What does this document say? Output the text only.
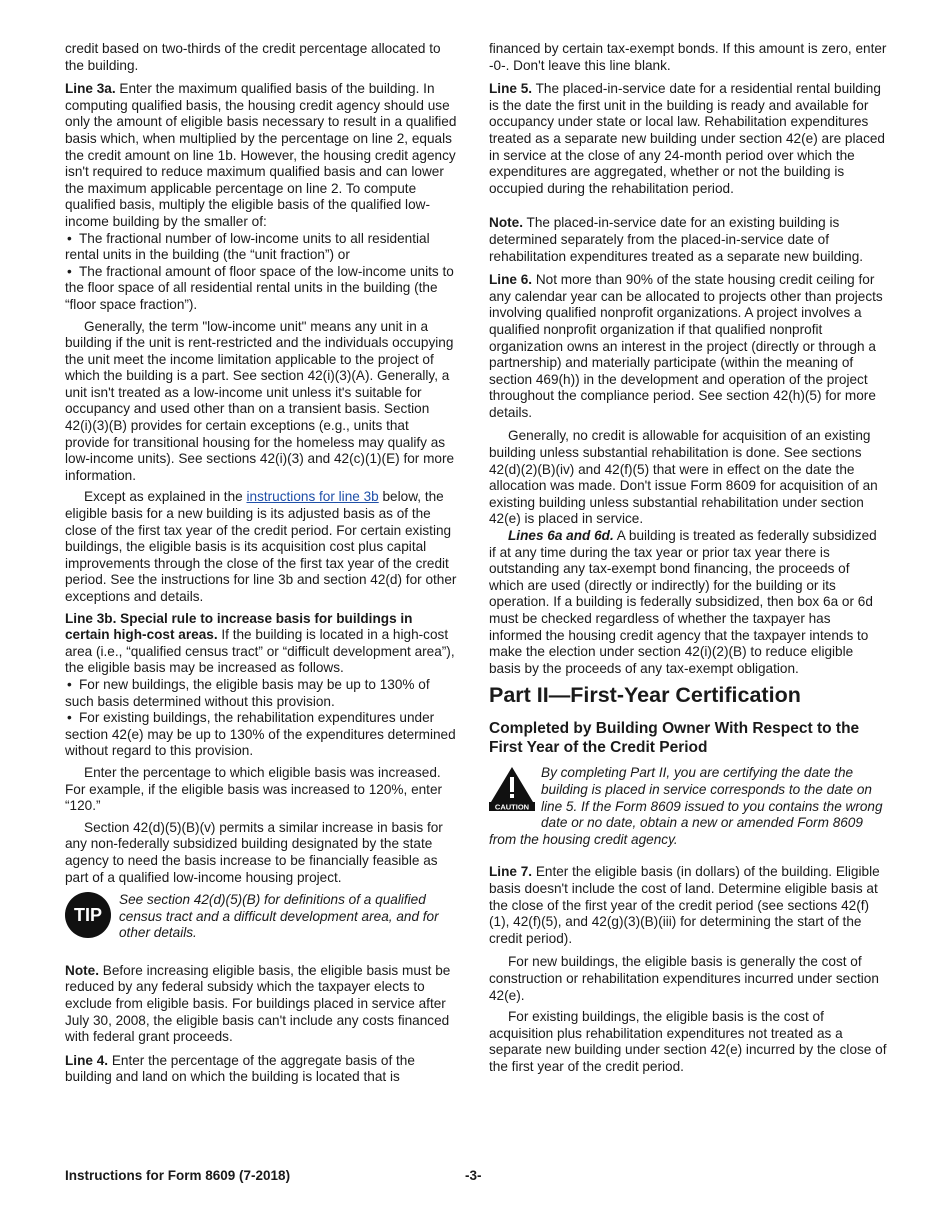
credit based on two-thirds of the credit percentage allocated to the building.

Line 3a. Enter the maximum qualified basis of the building. In computing qualified basis, the housing credit agency should use only the amount of eligible basis necessary to result in a qualified basis which, when multiplied by the percentage on line 2, equals the credit amount on line 1b. However, the housing credit agency isn't required to reduce maximum qualified basis and can lower the maximum applicable percentage on line 2. To compute qualified basis, multiply the eligible basis of the qualified low-income building by the smaller of:

• The fractional number of low-income units to all residential rental units in the building (the “unit fraction”) or
• The fractional amount of floor space of the low-income units to the floor space of all residential rental units in the building (the “floor space fraction”).

Generally, the term "low-income unit" means any unit in a building if the unit is rent-restricted and the individuals occupying the unit meet the income limitation applicable to the project of which the building is a part. See section 42(i)(3)(A). Generally, a unit isn't treated as a low-income unit unless it's suitable for occupancy and used other than on a transient basis. Section 42(i)(3)(B) provides for certain exceptions (e.g., units that provide for transitional housing for the homeless may qualify as low-income units). See sections 42(i)(3) and 42(c)(1)(E) for more information.

Except as explained in the instructions for line 3b below, the eligible basis for a new building is its adjusted basis as of the close of the first tax year of the credit period. For certain existing buildings, the eligible basis is its acquisition cost plus capital improvements through the close of the first tax year of the credit period. See the instructions for line 3b and section 42(d) for other exceptions and details.

Line 3b. Special rule to increase basis for buildings in certain high-cost areas. If the building is located in a high-cost area (i.e., “qualified census tract” or “difficult development area”), the eligible basis may be increased as follows.

• For new buildings, the eligible basis may be up to 130% of such basis determined without this provision.
• For existing buildings, the rehabilitation expenditures under section 42(e) may be up to 130% of the expenditures determined without regard to this provision.

Enter the percentage to which eligible basis was increased. For example, if the eligible basis was increased to 120%, enter “120.”

Section 42(d)(5)(B)(v) permits a similar increase in basis for any non-federally subsidized building designated by the state agency to need the basis increase to be financially feasible as part of a qualified low-income housing project.

TIP
See section 42(d)(5)(B) for definitions of a qualified census tract and a difficult development area, and for other details.

Note. Before increasing eligible basis, the eligible basis must be reduced by any federal subsidy which the taxpayer elects to exclude from eligible basis. For buildings placed in service after July 30, 2008, the eligible basis can't include any costs financed with federal grant proceeds.

Line 4. Enter the percentage of the aggregate basis of the building and land on which the building is located that is

financed by certain tax-exempt bonds. If this amount is zero, enter -0-. Don't leave this line blank.

Line 5. The placed-in-service date for a residential rental building is the date the first unit in the building is ready and available for occupancy under state or local law. Rehabilitation expenditures treated as a separate new building under section 42(e) are placed in service at the close of any 24-month period over which the expenditures are aggregated, whether or not the building is occupied during the rehabilitation period.

Note. The placed-in-service date for an existing building is determined separately from the placed-in-service date of rehabilitation expenditures treated as a separate new building.

Line 6. Not more than 90% of the state housing credit ceiling for any calendar year can be allocated to projects other than projects involving qualified nonprofit organizations. A project involves a qualified nonprofit organization if that qualified nonprofit organization owns an interest in the project (directly or through a partnership) and materially participate (within the meaning of section 469(h)) in the development and operation of the project throughout the compliance period. See section 42(h)(5) for more details.

Generally, no credit is allowable for acquisition of an existing building unless substantial rehabilitation is done. See sections 42(d)(2)(B)(iv) and 42(f)(5) that were in effect on the date the allocation was made. Don't issue Form 8609 for acquisition of an existing building unless substantial rehabilitation under section 42(e) is placed in service.

Lines 6a and 6d. A building is treated as federally subsidized if at any time during the tax year or prior tax year there is outstanding any tax-exempt bond financing, the proceeds of which are used (directly or indirectly) for the building or its operation. If a building is federally subsidized, then box 6a or 6d must be checked regardless of whether the taxpayer has informed the housing credit agency that the taxpayer intends to make the election under section 42(i)(2)(B) to reduce eligible basis by the proceeds of any tax-exempt obligation.

Part II—First-Year Certification
Completed by Building Owner With Respect to the First Year of the Credit Period
CAUTION
By completing Part II, you are certifying the date the building is placed in service corresponds to the date on line 5. If the Form 8609 issued to you contains the wrong date or no date, obtain a new or amended Form 8609 from the housing credit agency.

Line 7. Enter the eligible basis (in dollars) of the building. Eligible basis doesn't include the cost of land. Determine eligible basis at the close of the first year of the credit period (see sections 42(f)(1), 42(f)(5), and 42(g)(3)(B)(iii) for determining the start of the credit period).

For new buildings, the eligible basis is generally the cost of construction or rehabilitation expenditures incurred under section 42(e).

For existing buildings, the eligible basis is the cost of acquisition plus rehabilitation expenditures not treated as a separate new building under section 42(e) incurred by the close of the first year of the credit period.

Instructions for Form 8609 (7-2018)	-3-
